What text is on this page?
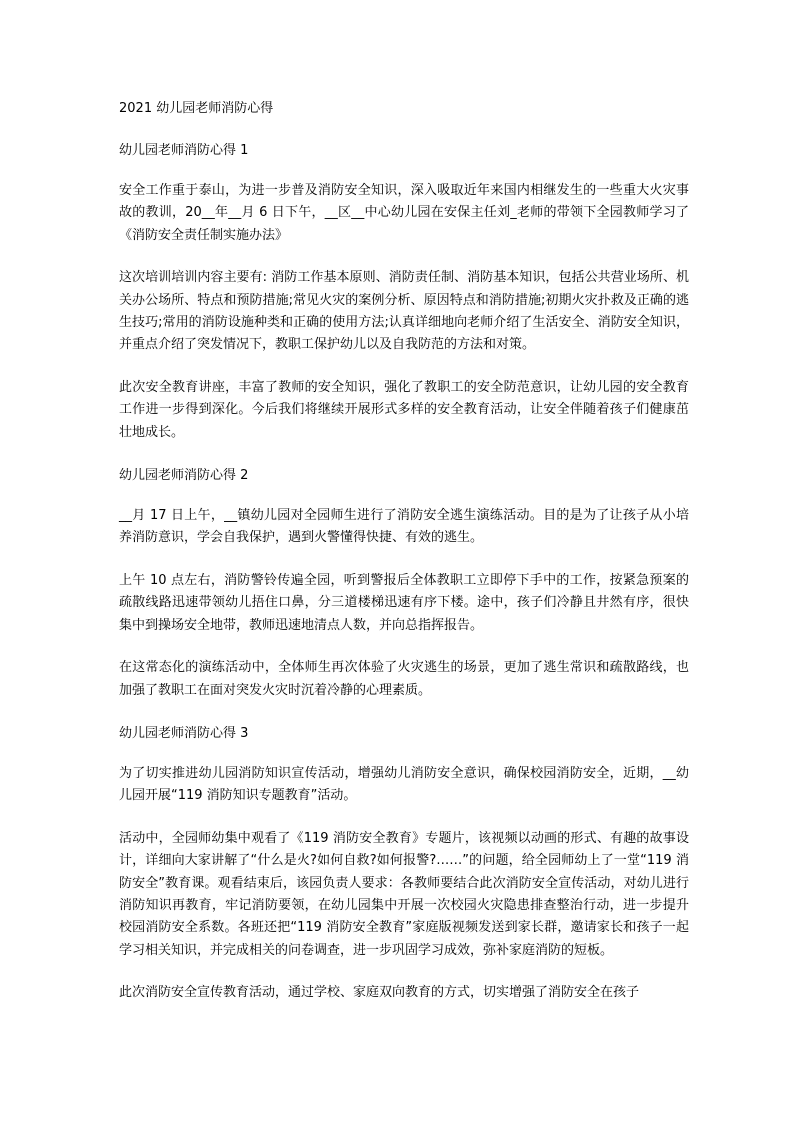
2021 幼儿园老师消防心得
幼儿园老师消防心得 1

安全工作重于泰山，为进一步普及消防安全知识，深入吸取近年来国内相继发生的一些重大火灾事故的教训，20__年__月 6 日下午，__区__中心幼儿园在安保主任刘_老师的带领下全园教师学习了《消防安全责任制实施办法》

这次培训培训内容主要有: 消防工作基本原则、消防责任制、消防基本知识，包括公共营业场所、机关办公场所、特点和预防措施;常见火灾的案例分析、原因特点和消防措施;初期火灾扑救及正确的逃生技巧;常用的消防设施种类和正确的使用方法;认真详细地向老师介绍了生活安全、消防安全知识，并重点介绍了突发情况下，教职工保护幼儿以及自我防范的方法和对策。

此次安全教育讲座，丰富了教师的安全知识，强化了教职工的安全防范意识，让幼儿园的安全教育工作进一步得到深化。今后我们将继续开展形式多样的安全教育活动，让安全伴随着孩子们健康茁壮地成长。

幼儿园老师消防心得 2

__月 17 日上午，__镇幼儿园对全园师生进行了消防安全逃生演练活动。目的是为了让孩子从小培养消防意识，学会自我保护，遇到火警懂得快捷、有效的逃生。

上午 10 点左右，消防警铃传遍全园，听到警报后全体教职工立即停下手中的工作，按紧急预案的疏散线路迅速带领幼儿捂住口鼻，分三道楼梯迅速有序下楼。途中，孩子们冷静且井然有序，很快集中到操场安全地带，教师迅速地清点人数，并向总指挥报告。

在这常态化的演练活动中，全体师生再次体验了火灾逃生的场景，更加了逃生常识和疏散路线，也加强了教职工在面对突发火灾时沉着冷静的心理素质。

幼儿园老师消防心得 3

为了切实推进幼儿园消防知识宣传活动，增强幼儿消防安全意识，确保校园消防安全，近期，__幼儿园开展“119 消防知识专题教育”活动。

活动中，全园师幼集中观看了《119 消防安全教育》专题片，该视频以动画的形式、有趣的故事设计，详细向大家讲解了“什么是火?如何自救?如何报警?……”的问题，给全园师幼上了一堂“119 消防安全”教育课。观看结束后，该园负责人要求：各教师要结合此次消防安全宣传活动，对幼儿进行消防知识再教育，牢记消防要领，在幼儿园集中开展一次校园火灾隐患排查整治行动，进一步提升校园消防安全系数。各班还把“119 消防安全教育”家庭版视频发送到家长群，邀请家长和孩子一起学习相关知识，并完成相关的问卷调查，进一步巩固学习成效，弥补家庭消防的短板。

此次消防安全宣传教育活动，通过学校、家庭双向教育的方式，切实增强了消防安全在孩子
